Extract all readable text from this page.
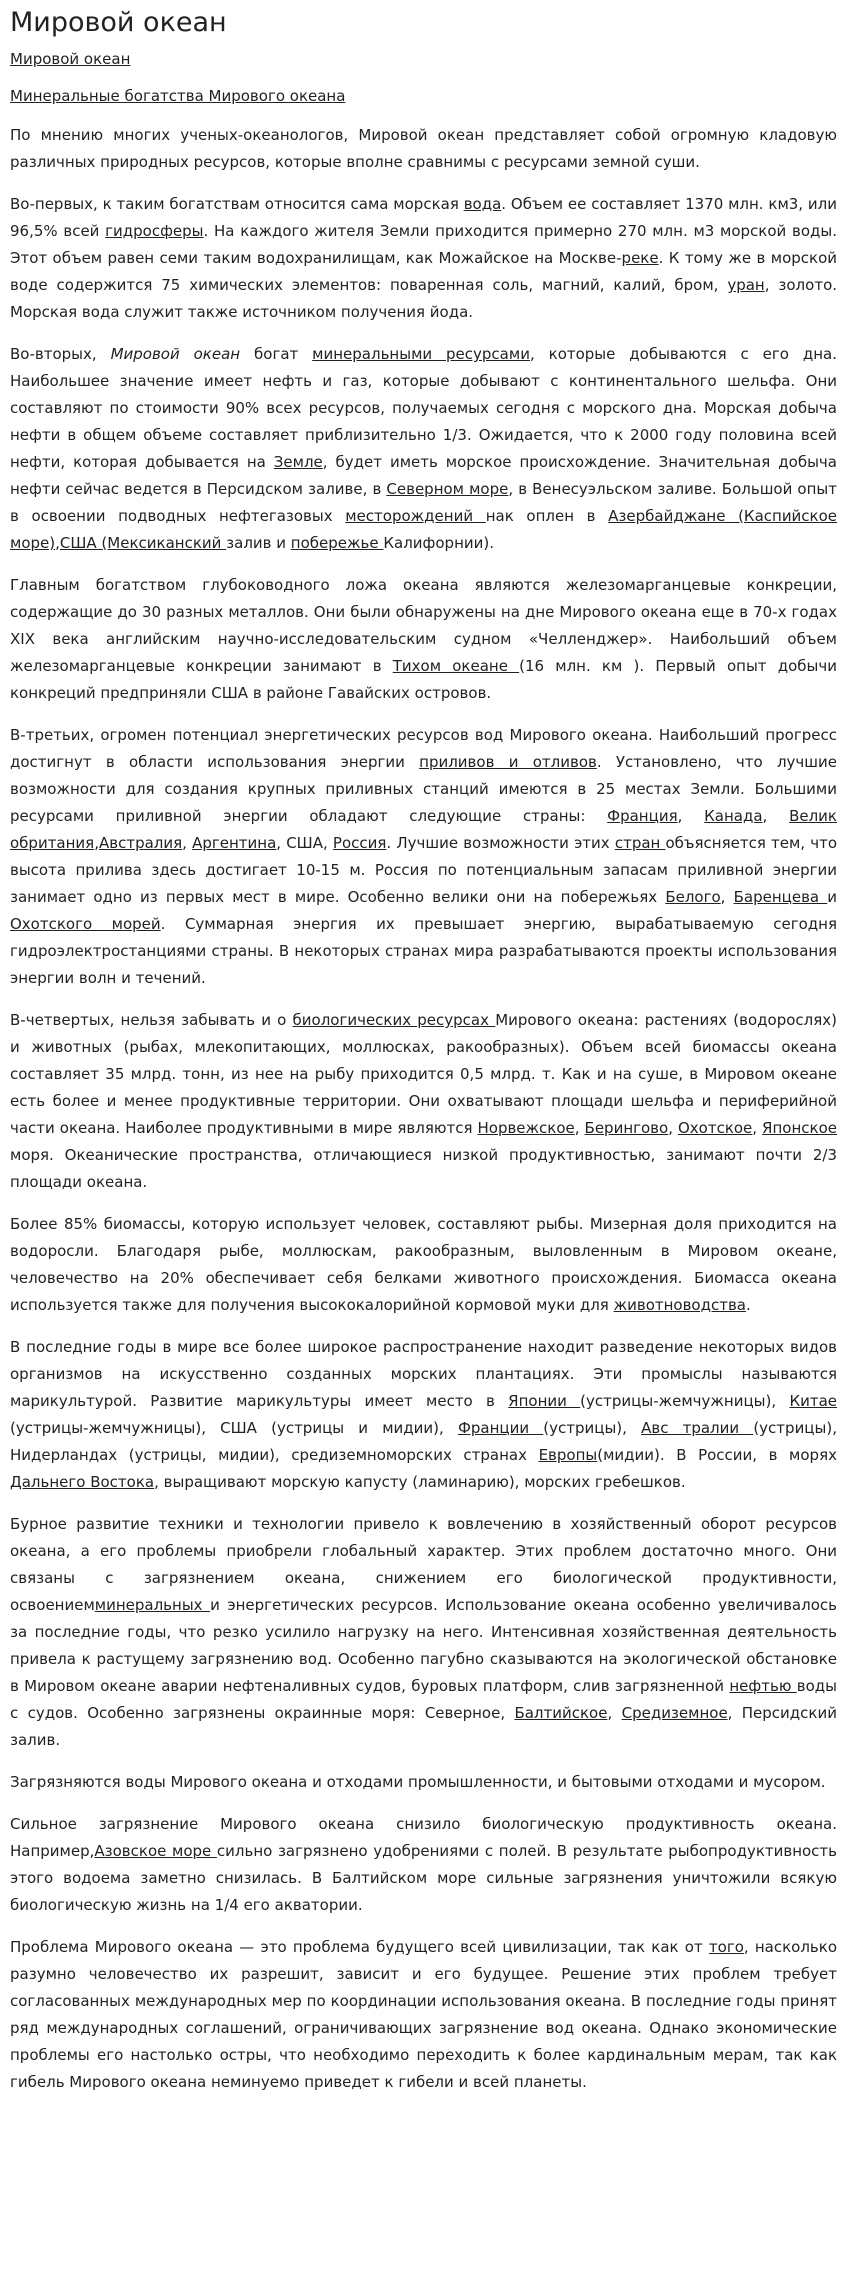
Мировой океан
Мировой океан
Минеральные богатства Мирового океана

По мнению многих ученых-океанологов, Мировой океан представляет собой огромную кладовую различных природных ресурсов, которые вполне сравнимы с ресурсами земной суши.

Во-первых, к таким богатствам относится сама морская вода. Объем ее составляет 1370 млн. км3, или 96,5% всей гидросферы. На каждого жителя Земли приходится примерно 270 млн. м3 морской воды. Этот объем равен семи таким водохранилищам, как Можайское на Москве-реке. К тому же в морской воде содержится 75 химических элементов: поваренная соль, магний, калий, бром, уран, золото. Морская вода служит также источником получения йода.

Во-вторых, Мировой океан богат минеральными ресурсами, которые добываются с его дна. Наибольшее значение имеет нефть и газ, которые добывают с континентального шельфа. Они составляют по стоимости 90% всех ресурсов, получаемых сегодня с морского дна. Морская добыча нефти в общем объеме составляет приблизительно 1/3. Ожидается, что к 2000 году половина всей нефти, которая добывается на Земле, будет иметь морское происхождение. Значительная добыча нефти сейчас ведется в Персидском заливе, в Северном море, в Венесуэльском заливе. Большой опыт в освоении подводных нефтегазовых месторождений нак оплен в Азербайджане (Каспийское море),США (Мексиканский залив и побережье Калифорнии).

Главным богатством глубоководного ложа океана являются железомарганцевые конкреции, содержащие до 30 разных металлов. Они были обнаружены на дне Мирового океана еще в 70-х годах XIX века английским научно-исследовательским судном «Челленджер». Наибольший объем железомарганцевые конкреции занимают в Тихом океане (16 млн. км ). Первый опыт добычи конкреций предприняли США в районе Гавайских островов.

В-третьих, огромен потенциал энергетических ресурсов вод Мирового океана. Наибольший прогресс достигнут в области использования энергии приливов и отливов. Установлено, что лучшие возможности для создания крупных приливных станций имеются в 25 местах Земли. Большими ресурсами приливной энергии обладают следующие страны: Франция, Канада, Велик обритания,Австралия, Аргентина, США, Россия. Лучшие возможности этих стран объясняется тем, что высота прилива здесь достигает 10-15 м. Россия по потенциальным запасам приливной энергии занимает одно из первых мест в мире. Особенно велики они на побережьях Белого, Баренцева и Охотского морей. Суммарная энергия их превышает энергию, вырабатываемую сегодня гидроэлектростанциями страны. В некоторых странах мира разрабатываются проекты использования энергии волн и течений.

В-четвертых, нельзя забывать и о биологических ресурсах Мирового океана: растениях (водорослях) и животных (рыбах, млекопитающих, моллюсках, ракообразных). Объем всей биомассы океана составляет 35 млрд. тонн, из нее на рыбу приходится 0,5 млрд. т. Как и на суше, в Мировом океане есть более и менее продуктивные территории. Они охватывают площади шельфа и периферийной части океана. Наиболее продуктивными в мире являются Норвежское, Берингово, Охотское, Японское моря. Океанические пространства, отличающиеся низкой продуктивностью, занимают почти 2/3 площади океана.

Более 85% биомассы, которую использует человек, составляют рыбы. Мизерная доля приходится на водоросли. Благодаря рыбе, моллюскам, ракообразным, выловленным в Мировом океане, человечество на 20% обеспечивает себя белками животного происхождения. Биомасса океана используется также для получения высококалорийной кормовой муки для животноводства.

В последние годы в мире все более широкое распространение находит разведение некоторых видов организмов на искусственно созданных морских плантациях. Эти промыслы называются марикультурой. Развитие марикультуры имеет место в Японии (устрицы-жемчужницы), Китае (устрицы-жемчужницы), США (устрицы и мидии), Франции (устрицы), Авс тралии (устрицы), Нидерландах (устрицы, мидии), средиземноморских странах Европы(мидии). В России, в морях Дальнего Востока, выращивают морскую капусту (ламинарию), морских гребешков.

Бурное развитие техники и технологии привело к вовлечению в хозяйственный оборот ресурсов океана, а его проблемы приобрели глобальный характер. Этих проблем достаточно много. Они связаны с загрязнением океана, снижением его биологической продуктивности, освоениемминеральных и энергетических ресурсов. Использование океана особенно увеличивалось за последние годы, что резко усилило нагрузку на него. Интенсивная хозяйственная деятельность привела к растущему загрязнению вод. Особенно пагубно сказываются на экологической обстановке в Мировом океане аварии нефтеналивных судов, буровых платформ, слив загрязненной нефтью воды с судов. Особенно загрязнены окраинные моря: Северное, Балтийское, Средиземное, Персидский залив.

Загрязняются воды Мирового океана и отходами промышленности, и бытовыми отходами и мусором.

Сильное загрязнение Мирового океана снизило биологическую продуктивность океана. Например,Азовское море сильно загрязнено удобрениями с полей. В результате рыбопродуктивность этого водоема заметно снизилась. В Балтийском море сильные загрязнения уничтожили всякую биологическую жизнь на 1/4 его акватории.

Проблема Мирового океана — это проблема будущего всей цивилизации, так как от того, насколько разумно человечество их разрешит, зависит и его будущее. Решение этих проблем требует согласованных международных мер по координации использования океана. В последние годы принят ряд международных соглашений, ограничивающих загрязнение вод океана. Однако экономические проблемы его настолько остры, что необходимо переходить к более кардинальным мерам, так как гибель Мирового океана неминуемо приведет к гибели и всей планеты.
